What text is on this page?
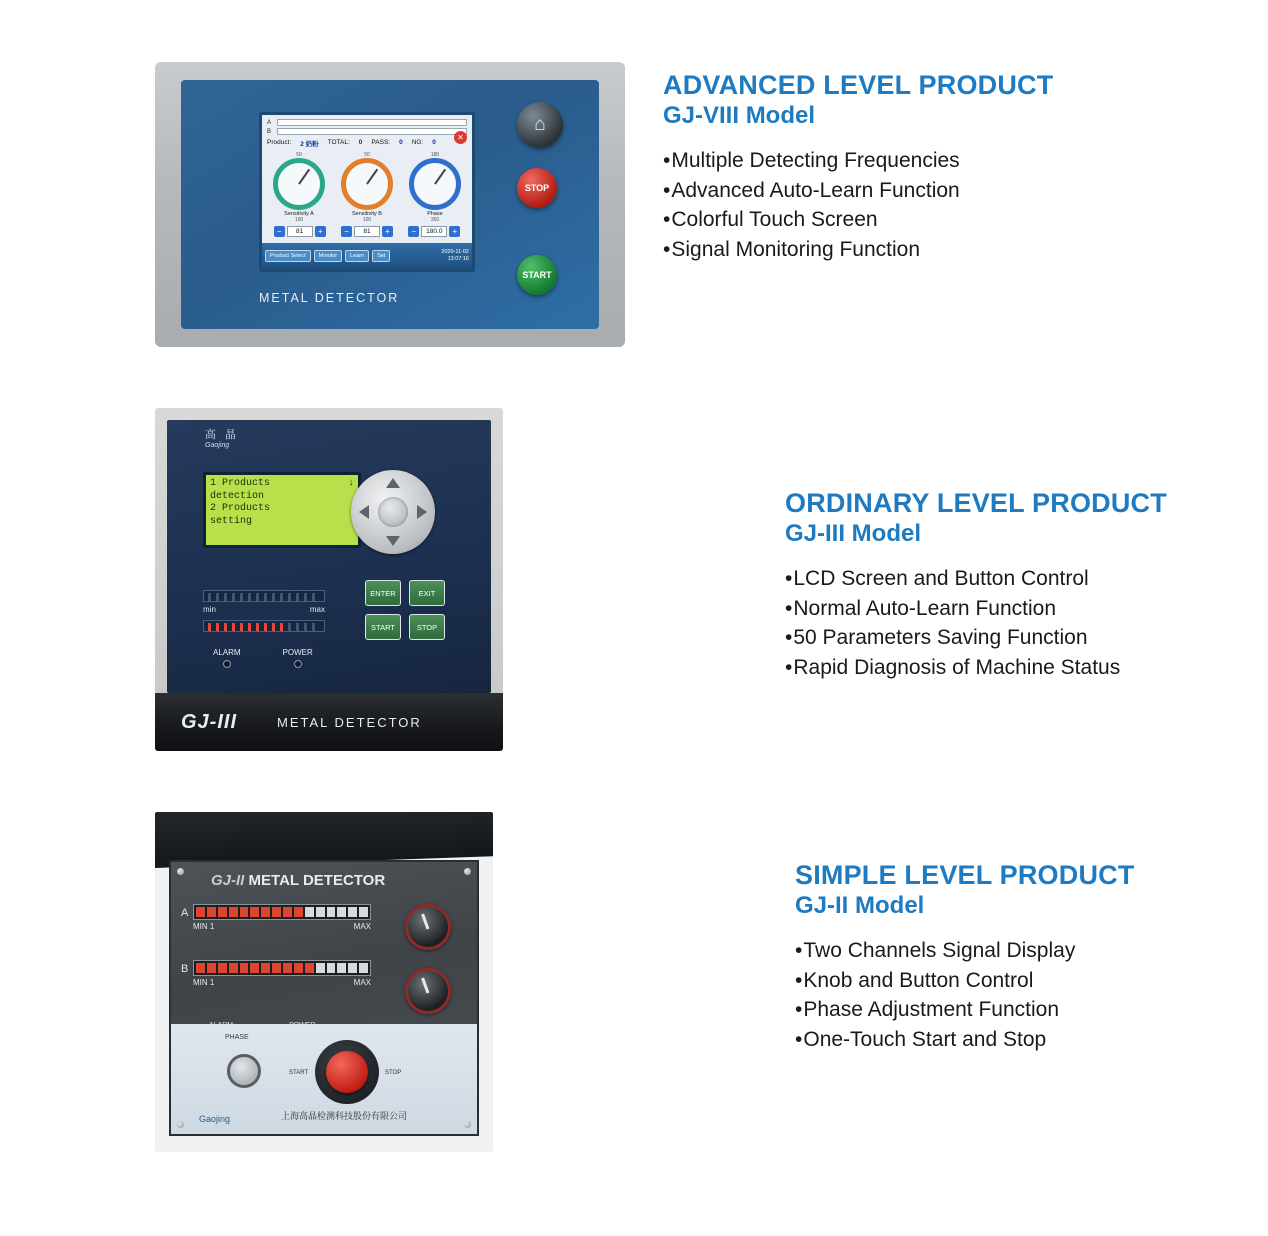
A
B
✕
Product: 2 奶粉 TOTAL: 0 PASS: 0 NG: 0
50
Sensitivity A
100
50
Sensitivity B
100
180
Phase
350
−	81	+	−	81	+	−	180.0	+
Product Select	Monitor	Learn	Set
2020-11-02
13:07:16
⌂
STOP
START
METAL DETECTOR
ADVANCED LEVEL PRODUCT
GJ-VIII Model
•Multiple Detecting Frequencies
•Advanced Auto-Learn Function
•Colorful Touch Screen
•Signal Monitoring Function
高 晶
Gaojing
↓
1 Products
detection
2 Products
setting
min	max
ENTER	EXIT
START	STOP
ALARM	POWER
GJ-III	METAL DETECTOR
ORDINARY LEVEL PRODUCT
GJ-III Model
•LCD Screen and Button Control
•Normal Auto-Learn Function
•50 Parameters Saving Function
•Rapid Diagnosis of Machine Status
GJ-II METAL DETECTOR
A
MIN 1	MAX
B
MIN 1	MAX
PHASE
START	STOP
Gaojing	上海高晶检测科技股份有限公司
SIMPLE LEVEL PRODUCT
GJ-II Model
•Two Channels Signal Display
•Knob and Button Control
•Phase Adjustment Function
•One-Touch Start and Stop
